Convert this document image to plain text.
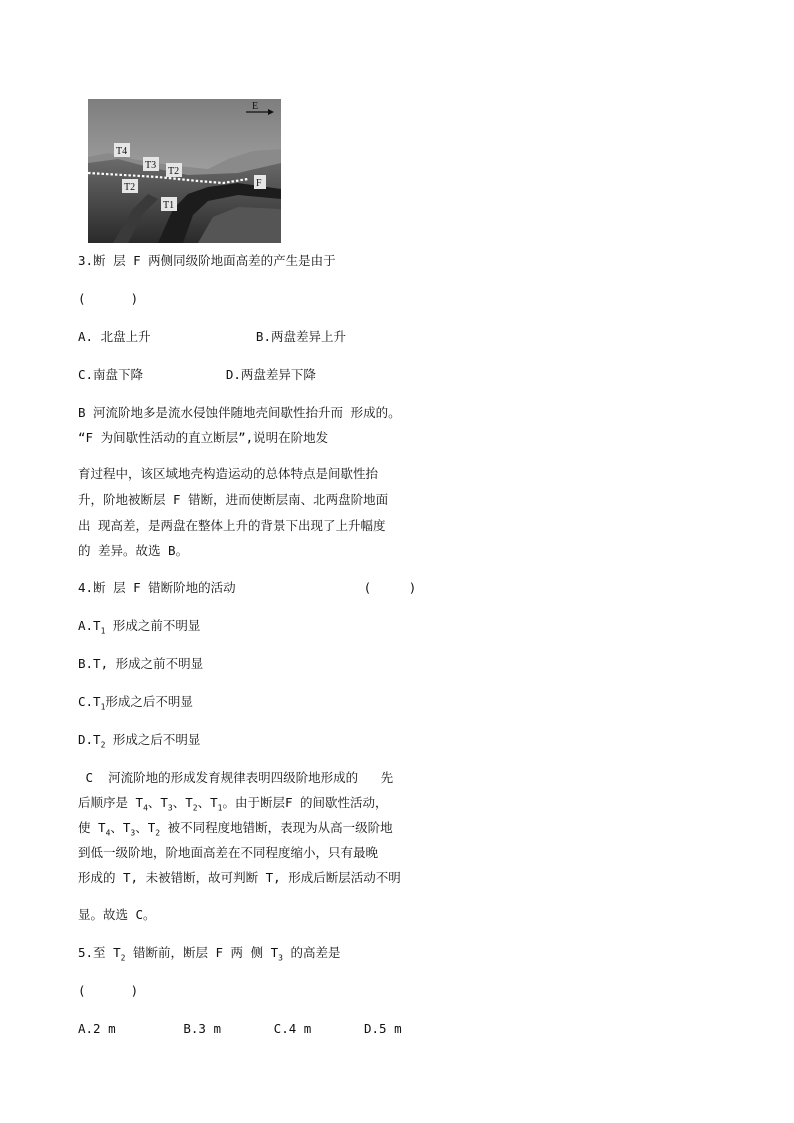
E
T4
T3
T2
T2
T1
F
3.断 层 F 两侧同级阶地面高差的产生是由于
(      )
A. 北盘上升              B.两盘差异上升
C.南盘下降           D.两盘差异下降
B 河流阶地多是流水侵蚀伴随地壳间歇性抬升而 形成的。
“F 为间歇性活动的直立断层”,说明在阶地发
育过程中，该区域地壳构造运动的总体特点是间歇性抬
升，阶地被断层 F 错断，进而使断层南、北两盘阶地面
出 现高差，是两盘在整体上升的背景下出现了上升幅度
的 差异。故选 B。
4.断 层 F 错断阶地的活动                 (     )
$A.T_1$ 形成之前不明显
B.T, 形成之前不明显
$C.T_1$形成之后不明显
$D.T_2$ 形成之后不明显
C  河流阶地的形成发育规律表明四级阶地形成的   先
后顺序是 $T_4$、$T_3$、$T_2$、$T_1$。由于断层F 的间歇性活动，
使 $T_4$、$T_3$、$T_2$ 被不同程度地错断，表现为从高一级阶地
到低一级阶地，阶地面高差在不同程度缩小，只有最晚
形成的 T, 未被错断，故可判断 T, 形成后断层活动不明
显。故选 C。
5.至 $T_2$ 错断前，断层 F 两 侧 $T_3$ 的高差是
(      )
A.2 m         B.3 m       C.4 m       D.5 m
